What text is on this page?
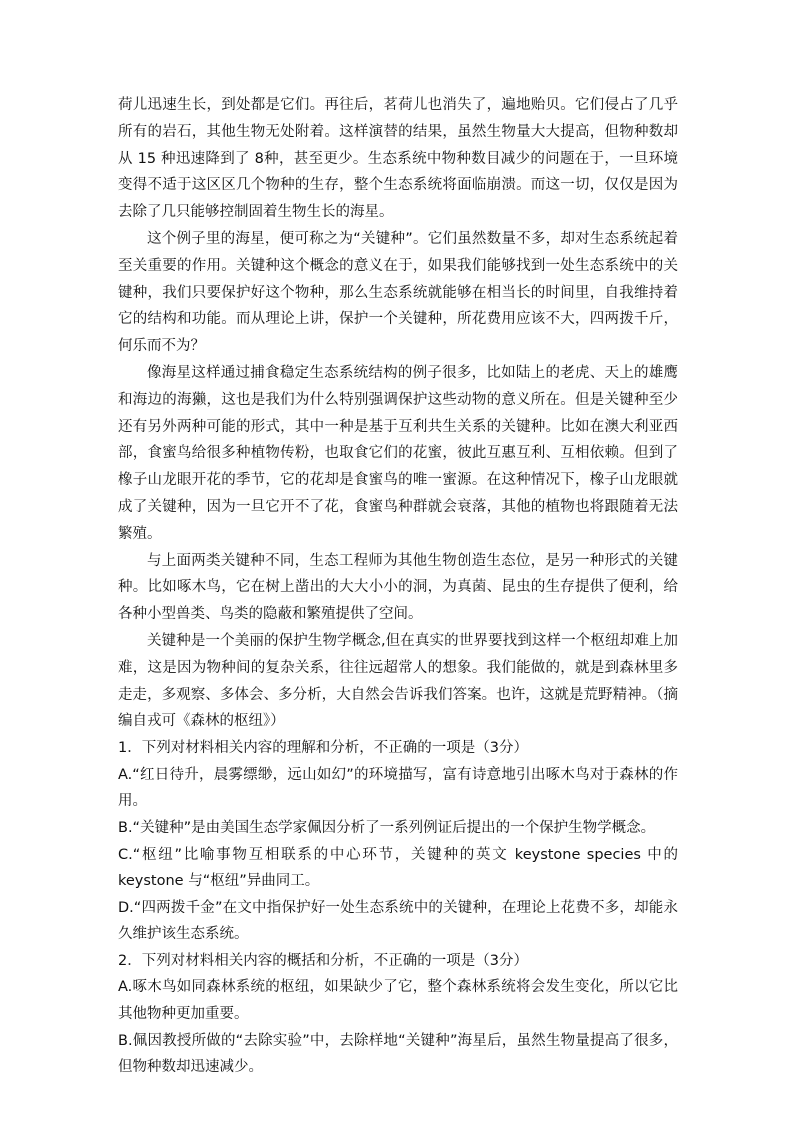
荷儿迅速生长，到处都是它们。再往后，茗荷儿也消失了，遍地贻贝。它们侵占了几乎所有的岩石，其他生物无处附着。这样演替的结果，虽然生物量大大提高，但物种数却从 15 种迅速降到了 8种，甚至更少。生态系统中物种数目减少的问题在于，一旦环境变得不适于这区区几个物种的生存，整个生态系统将面临崩溃。而这一切，仅仅是因为去除了几只能够控制固着生物生长的海星。

这个例子里的海星，便可称之为“关键种”。它们虽然数量不多，却对生态系统起着至关重要的作用。关键种这个概念的意义在于，如果我们能够找到一处生态系统中的关键种，我们只要保护好这个物种，那么生态系统就能够在相当长的时间里，自我维持着它的结构和功能。而从理论上讲，保护一个关键种，所花费用应该不大，四两拨千斤，何乐而不为？

像海星这样通过捕食稳定生态系统结构的例子很多，比如陆上的老虎、天上的雄鹰和海边的海獭，这也是我们为什么特别强调保护这些动物的意义所在。但是关键种至少还有另外两种可能的形式，其中一种是基于互利共生关系的关键种。比如在澳大利亚西部，食蜜鸟给很多种植物传粉，也取食它们的花蜜，彼此互惠互利、互相依赖。但到了橡子山龙眼开花的季节，它的花却是食蜜鸟的唯一蜜源。在这种情况下，橡子山龙眼就成了关键种，因为一旦它开不了花，食蜜鸟种群就会衰落，其他的植物也将跟随着无法繁殖。

与上面两类关键种不同，生态工程师为其他生物创造生态位，是另一种形式的关键种。比如啄木鸟，它在树上凿出的大大小小的洞，为真菌、昆虫的生存提供了便利，给各种小型兽类、鸟类的隐蔽和繁殖提供了空间。

关键种是一个美丽的保护生物学概念,但在真实的世界要找到这样一个枢纽却难上加难，这是因为物种间的复杂关系，往往远超常人的想象。我们能做的，就是到森林里多走走，多观察、多体会、多分析，大自然会告诉我们答案。也许，这就是荒野精神。（摘编自戎可《森林的枢纽》）

1．下列对材料相关内容的理解和分析，不正确的一项是（3分）

A.“红日待升，晨雾缥缈，远山如幻”的环境描写，富有诗意地引出啄木鸟对于森林的作用。

B.“关键种”是由美国生态学家佩因分析了一系列例证后提出的一个保护生物学概念。

C.“枢纽”比喻事物互相联系的中心环节，关键种的英文 keystone species 中的 keystone 与“枢纽”异曲同工。

D.“四两拨千金”在文中指保护好一处生态系统中的关键种，在理论上花费不多，却能永久维护该生态系统。

2．下列对材料相关内容的概括和分析，不正确的一项是（3分）

A.啄木鸟如同森林系统的枢纽，如果缺少了它，整个森林系统将会发生变化，所以它比其他物种更加重要。

B.佩因教授所做的“去除实验”中，去除样地“关键种”海星后，虽然生物量提高了很多，但物种数却迅速减少。
